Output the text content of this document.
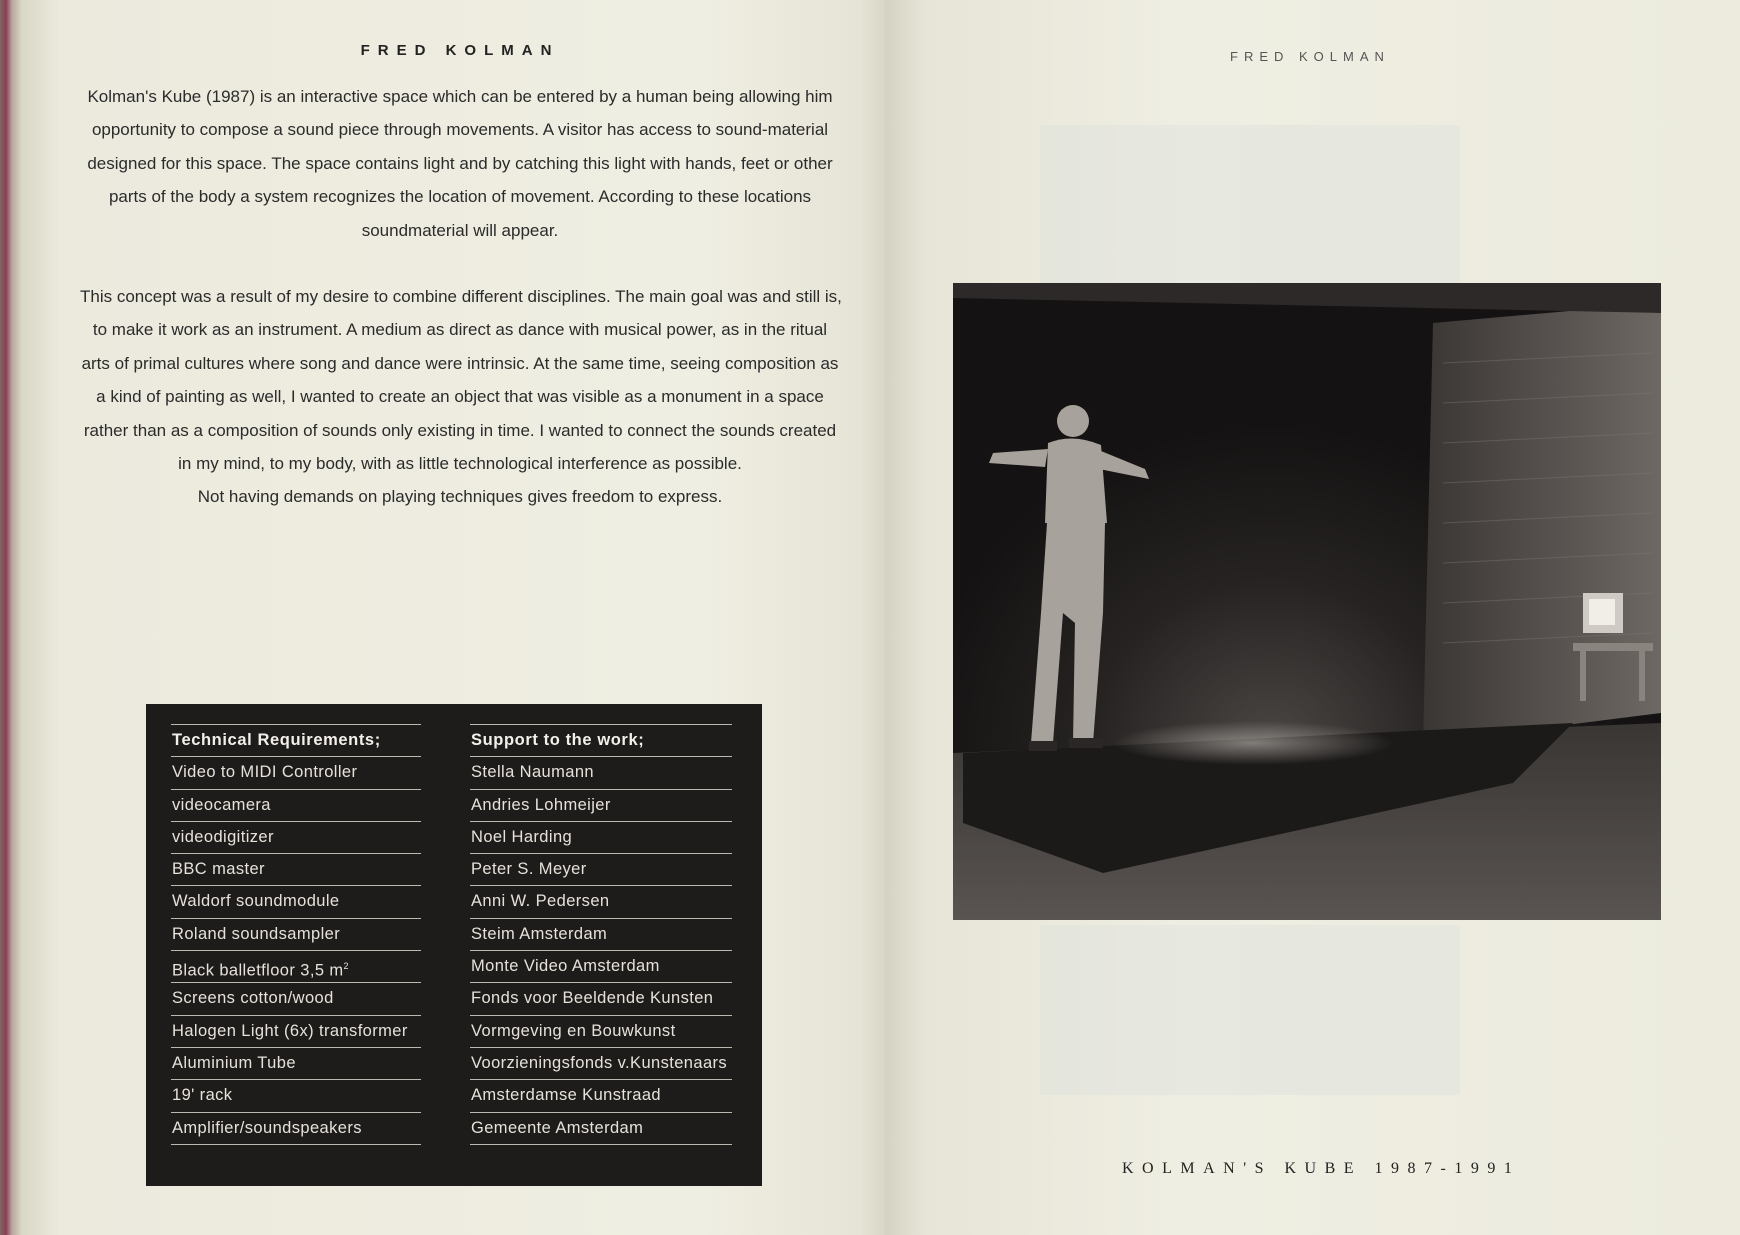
FRED KOLMAN

Kolman's Kube (1987) is an interactive space which can be entered by a human being allowing him
opportunity to compose a sound piece through movements. A visitor has access to sound-material
designed for this space. The space contains light and by catching this light with hands, feet or other
parts of the body a system recognizes the location of movement. According to these locations
soundmaterial will appear.

This concept was a result of my desire to combine different disciplines. The main goal was and still is,
to make it work as an instrument. A medium as direct as dance with musical power, as in the ritual
arts of primal cultures where song and dance were intrinsic. At the same time, seeing composition as
a kind of painting as well, I wanted to create an object that was visible as a monument in a space
rather than as a composition of sounds only existing in time. I wanted to connect the sounds created
in my mind, to my body, with as little technological interference as possible.
Not having demands on playing techniques gives freedom to express.

Technical Requirements;
Video to MIDI Controller
videocamera
videodigitizer
BBC master
Waldorf soundmodule
Roland soundsampler
Black balletfloor 3,5 $m^2$
Screens cotton/wood
Halogen Light (6x) transformer
Aluminium Tube
19' rack
Amplifier/soundspeakers
Support to the work;
Stella Naumann
Andries Lohmeijer
Noel Harding
Peter S. Meyer
Anni W. Pedersen
Steim Amsterdam
Monte Video Amsterdam
Fonds voor Beeldende Kunsten
Vormgeving en Bouwkunst
Voorzieningsfonds v.Kunstenaars
Amsterdamse Kunstraad
Gemeente Amsterdam
FRED KOLMAN
KOLMAN'S KUBE 1987-1991
